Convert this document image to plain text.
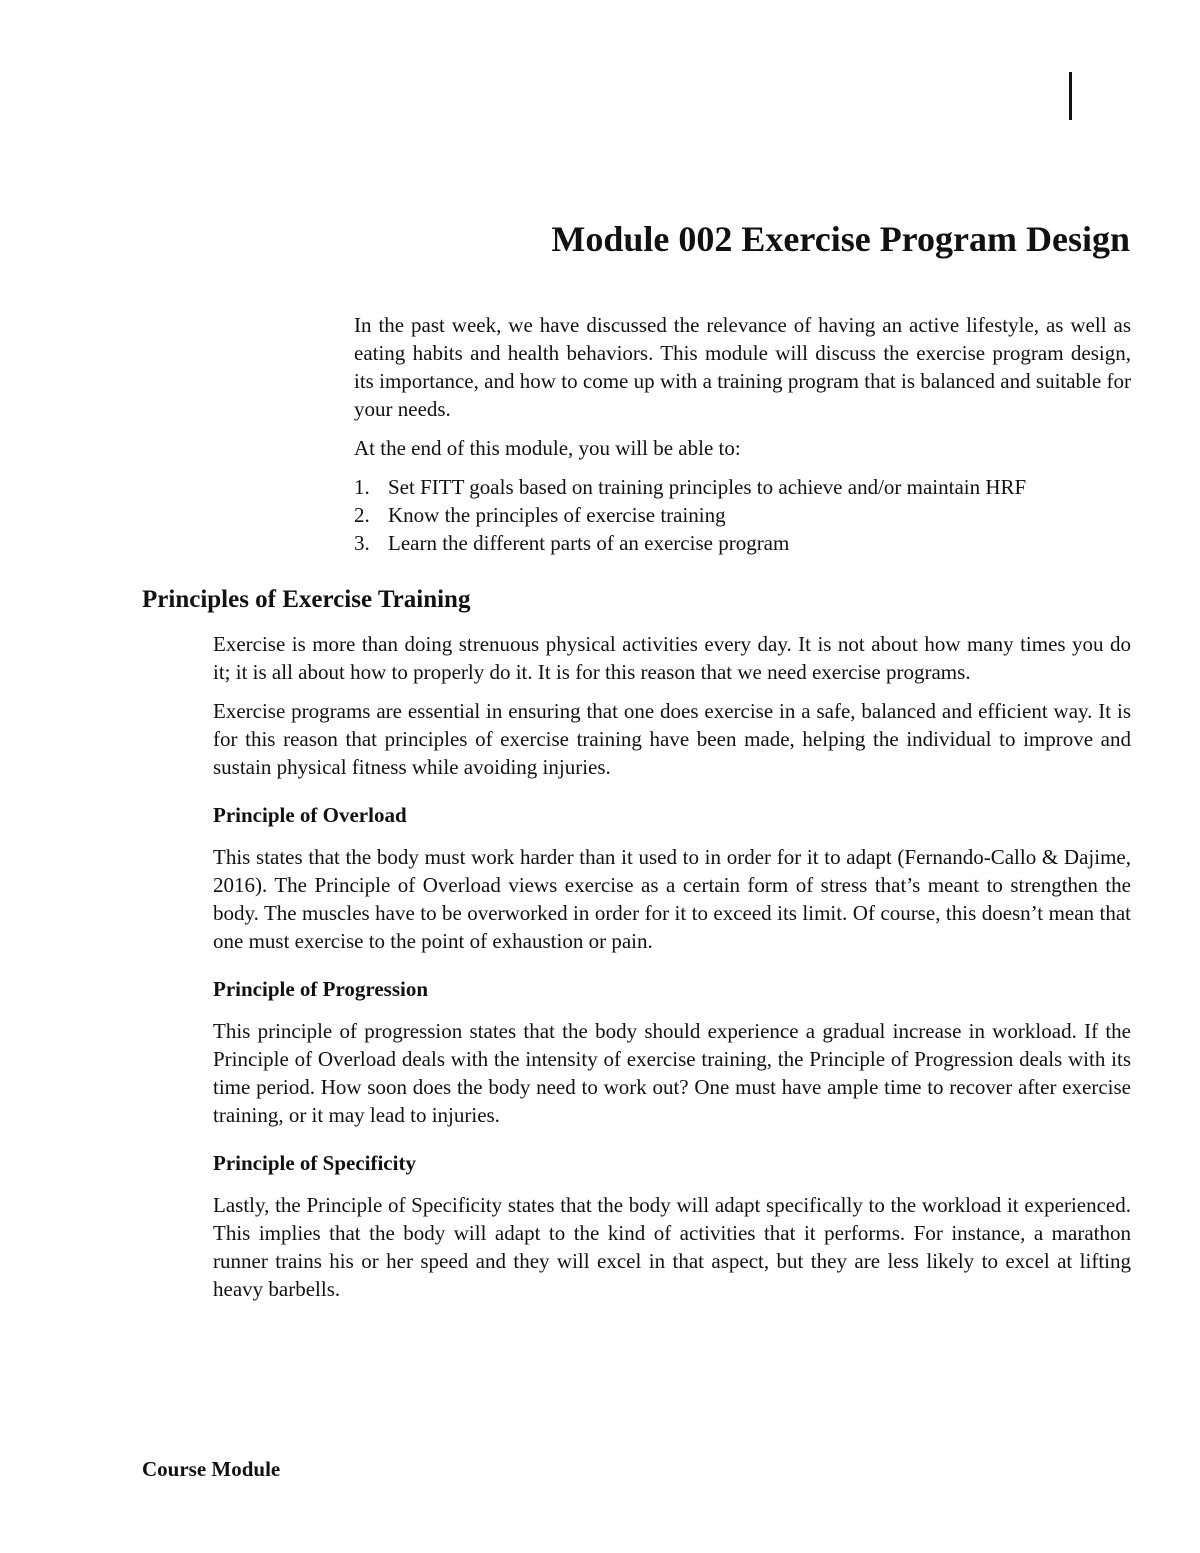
Module 002 Exercise Program Design

In the past week, we have discussed the relevance of having an active lifestyle, as well as eating habits and health behaviors. This module will discuss the exercise program design, its importance, and how to come up with a training program that is balanced and suitable for your needs.

At the end of this module, you will be able to:

1. Set FITT goals based on training principles to achieve and/or maintain HRF
2. Know the principles of exercise training
3. Learn the different parts of an exercise program
Principles of Exercise Training

Exercise is more than doing strenuous physical activities every day. It is not about how many times you do it; it is all about how to properly do it. It is for this reason that we need exercise programs.

Exercise programs are essential in ensuring that one does exercise in a safe, balanced and efficient way. It is for this reason that principles of exercise training have been made, helping the individual to improve and sustain physical fitness while avoiding injuries.

Principle of Overload

This states that the body must work harder than it used to in order for it to adapt (Fernando-Callo & Dajime, 2016). The Principle of Overload views exercise as a certain form of stress that’s meant to strengthen the body. The muscles have to be overworked in order for it to exceed its limit. Of course, this doesn’t mean that one must exercise to the point of exhaustion or pain.

Principle of Progression

This principle of progression states that the body should experience a gradual increase in workload. If the Principle of Overload deals with the intensity of exercise training, the Principle of Progression deals with its time period. How soon does the body need to work out? One must have ample time to recover after exercise training, or it may lead to injuries.

Principle of Specificity

Lastly, the Principle of Specificity states that the body will adapt specifically to the workload it experienced. This implies that the body will adapt to the kind of activities that it performs. For instance, a marathon runner trains his or her speed and they will excel in that aspect, but they are less likely to excel at lifting heavy barbells.

Course Module
